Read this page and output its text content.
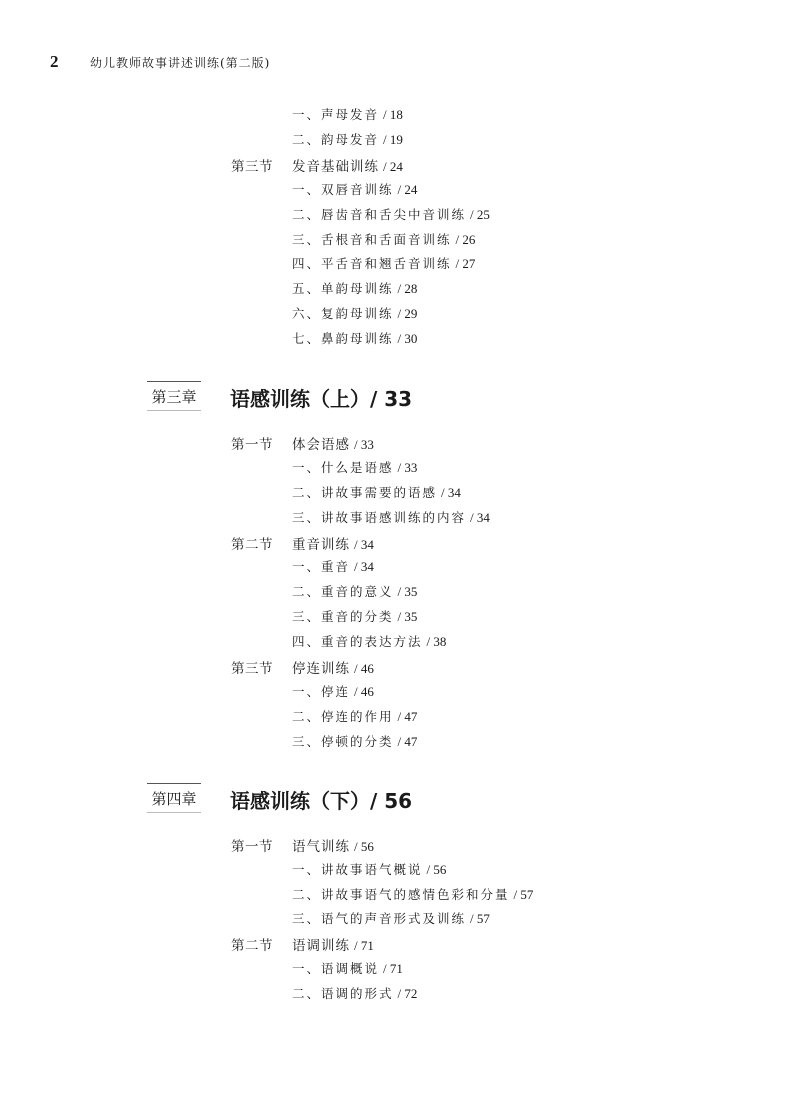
2	幼儿教师故事讲述训练(第二版)
一、声母发音 / 18
二、韵母发音 / 19
第三节 发音基础训练 / 24
一、双唇音训练 / 24
二、唇齿音和舌尖中音训练 / 25
三、舌根音和舌面音训练 / 26
四、平舌音和翘舌音训练 / 27
五、单韵母训练 / 28
六、复韵母训练 / 29
七、鼻韵母训练 / 30
第三章 语感训练（上）/ 33
第一节 体会语感 / 33
一、什么是语感 / 33
二、讲故事需要的语感 / 34
三、讲故事语感训练的内容 / 34
第二节 重音训练 / 34
一、重音 / 34
二、重音的意义 / 35
三、重音的分类 / 35
四、重音的表达方法 / 38
第三节 停连训练 / 46
一、停连 / 46
二、停连的作用 / 47
三、停顿的分类 / 47
第四章 语感训练（下）/ 56
第一节 语气训练 / 56
一、讲故事语气概说 / 56
二、讲故事语气的感情色彩和分量 / 57
三、语气的声音形式及训练 / 57
第二节 语调训练 / 71
一、语调概说 / 71
二、语调的形式 / 72
